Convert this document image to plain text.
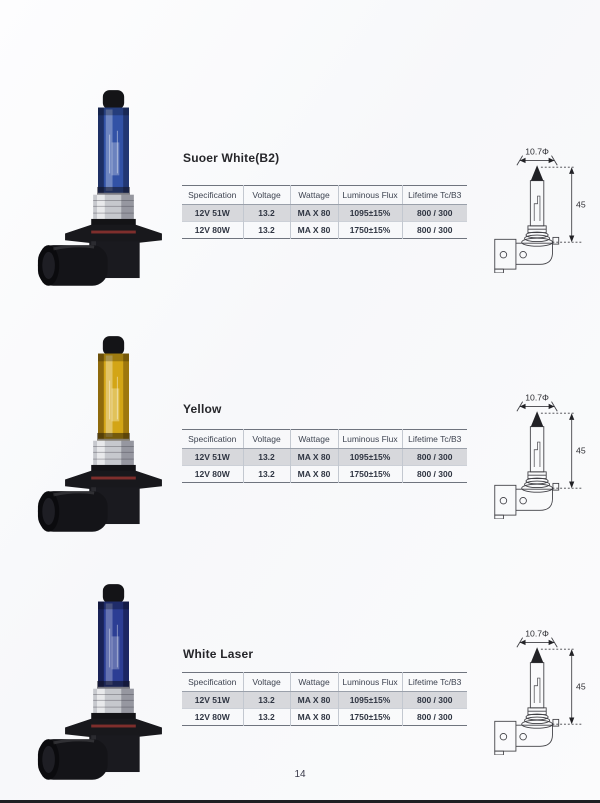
Suoer White(B2)
Specification	Voltage	Wattage	Luminous Flux	Lifetime Tc/B3
12V 51W	13.2	MA X 80	1095±15%	800 / 300
12V 80W	13.2	MA X 80	1750±15%	800 / 300
10.7Φ
45
Yellow
Specification	Voltage	Wattage	Luminous Flux	Lifetime Tc/B3
12V 51W	13.2	MA X 80	1095±15%	800 / 300
12V 80W	13.2	MA X 80	1750±15%	800 / 300
10.7Φ
45
White Laser
Specification	Voltage	Wattage	Luminous Flux	Lifetime Tc/B3
12V 51W	13.2	MA X 80	1095±15%	800 / 300
12V 80W	13.2	MA X 80	1750±15%	800 / 300
10.7Φ
45
14
